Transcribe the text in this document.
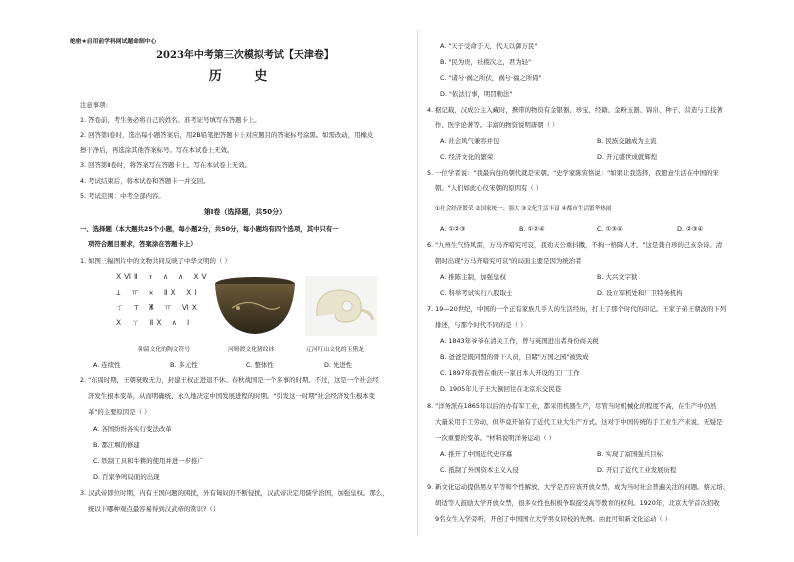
绝密★启用前学科网试题命制中心
2023年中考第三次模拟考试【天津卷】
历 史
注意事项:
1. 答卷前，考生务必将自己的姓名、准考证号填写在答题卡上。
2. 回答第Ⅰ卷时，选出每小题答案后，用2B铅笔把答题卡上对应题目的答案标号涂黑。如需改动，用橡皮
擦干净后，再选涂其他答案标号。写在本试卷上无效。
3. 回答第Ⅱ卷时，将答案写在答题卡上。写在本试卷上无效。
4. 考试结束后，将本试卷和答题卡一并交回。
5. 考试范围：中考全部内容。
第Ⅰ卷（选择题，共50分）
一、选择题（本大题共25个小题，每小题2分，共50分，每小题均有四个选项，其中只有一
项符合题目要求，答案涂在答题卡上）
1. 如图三幅图片中的文物共同反映了中华文明的（ ）
ⅩⅥⅡ ↑ ∧ ∧ ⅩⅤ
⊥ ㅠ ✕ ⅡⅩ ⅩⅠ
ㄒ ⊤ Ж ㅠ ⅥⅩ
Ⅹ ㄚ ⅡⅩ ∧ Ⅰ
仰韶文化的陶文符号	河姆渡文化猪纹钵	辽河红山文化的玉猪龙
A. 连续性	B. 多元性	C. 整体性	D. 先进性
2. "东周时期，王朝衰败无力，封建王权正进退不休。春秋战国是一个多事的时期。不过，这是一个社会经
济发生根本变革，从而明确统、永久地决定中国发展进程的时期。"引发这一时期"社会经济发生根本变
革"的主要原因是（ ）
A. 各国纷纷各实行变法改革
B. 都江堰的修建
C. 铁制工具和牛耕的使用并进一步推广
D. 百家争鸣局面的出现
3. 汉武帝即位时期，内有王国问题的困扰，外有匈奴的不断侵扰，汉武帝决定用儒学治国，加强皇权。那么，
统以下哪种观点最容易得到汉武帝的赏识?（）
A. "天子受命于天，代天以御万民"
B. "民为贵，社稷次之，君为轻"
C. "诸兮·祸之所伏，祸兮·福之所倚"
D. "依法行事，明罚勅法"
4. 据记载，汉成公主入藏时，携带的物资有金银器、珍宝、经籍、金粉玉器、锦帛、种子、营造与工技著
作、医学论著等。丰富的物资说明唐朝（ ）
A. 社会风气兼容并包	B. 民族交融成为主流
C. 经济文化的繁荣	D. 开元盛世成就辉煌
5. 一位学者说："我最向往的朝代就是宋朝。"史学家陈寅恪说："如果让我选择，我愿意生活在中国的宋
朝。"人们如此心仪宋朝的原因有（ ）
①社会经济繁荣 ②国家统一、强大 ③文化生活丰富 ④都市生活繁华热闹
A. ①②③	B. ①②④	C. ①③④	D. ②③④
6. "九州生气恃风雷，万马齐喑究可哀，我劝天公重抖擞，不拘一格降人才。"这是龚自珍的己亥杂诗。清
朝时出现"万马齐喑究可哀"的局面主要是因为统治者
A. 推陈主制，加强皇权	B. 大兴文字狱
C. 科举考试实行八股取士	D. 设立军机处和厂卫特务机构
7. 19—20世纪，中国的一个正有家族几乎人的生活经历，打上了那个时代的印记。王家子弟王朝波的下列
排述，与那个时代不同的是（ ）
A. 1843年爷爷在清关工作，曾与英国进出者身份商关税
B. 爸爸是既同盟的骨干人员，目睹"万国之园"被毁成
C. 1897年我曾在重庆一家日本人开设的工厂工作
D. 1905年儿子王大倒回往在北京东交民巷
8. "洋务派在1865年以后的办有军工业，都采用机器生产，尽管当时机械化的程度不高，在生产中仍然
大量采用手工劳动，但毕竟开始有了近代工业大生产方式。这对于中国传统的手工业生产来说，无疑是
一次重要的变革。"材料说明洋务运动（ ）
A. 推开了中国近代史序幕	B. 实现了富国强兵目标
C. 抵制了外国资本主义入侵	D. 开启了近代工业发展历程
9. 新文化运动提倡男女平等和个性解放，大学是否应该开放女禁，成为当时社会普遍关注的问题。蔡元培、
胡适等人鼓励大学开放女禁，很多女性也积极争取接受高等教育的权利。1920年，北京大学首次招收
9名女生入学旁听，开创了中国国立大学男女同校的先例。由此可知新文化运动（ ）
